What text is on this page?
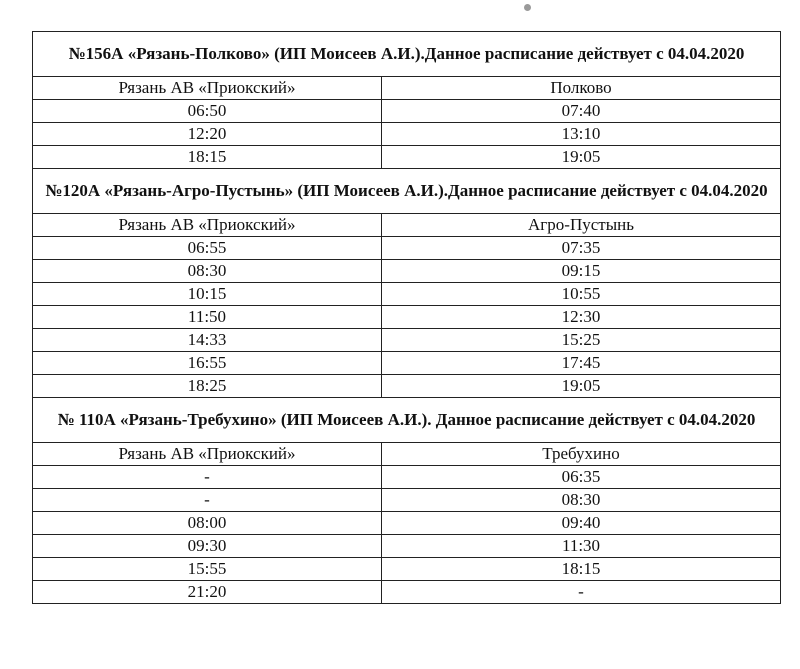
№156А «Рязань-Полково» (ИП Моисеев А.И.).Данное расписание действует с 04.04.2020	
Рязань АВ «Приокский»	Полково
06:50	07:40
12:20	13:10
18:15	19:05
№120А «Рязань-Агро-Пустынь» (ИП Моисеев А.И.).Данное расписание действует с 04.04.2020	
Рязань АВ «Приокский»	Агро-Пустынь
06:55	07:35
08:30	09:15
10:15	10:55
11:50	12:30
14:33	15:25
16:55	17:45
18:25	19:05
№ 110А «Рязань-Требухино» (ИП Моисеев А.И.). Данное расписание действует с 04.04.2020	
Рязань АВ «Приокский»	Требухино
-	06:35
-	08:30
08:00	09:40
09:30	11:30
15:55	18:15
21:20	-
